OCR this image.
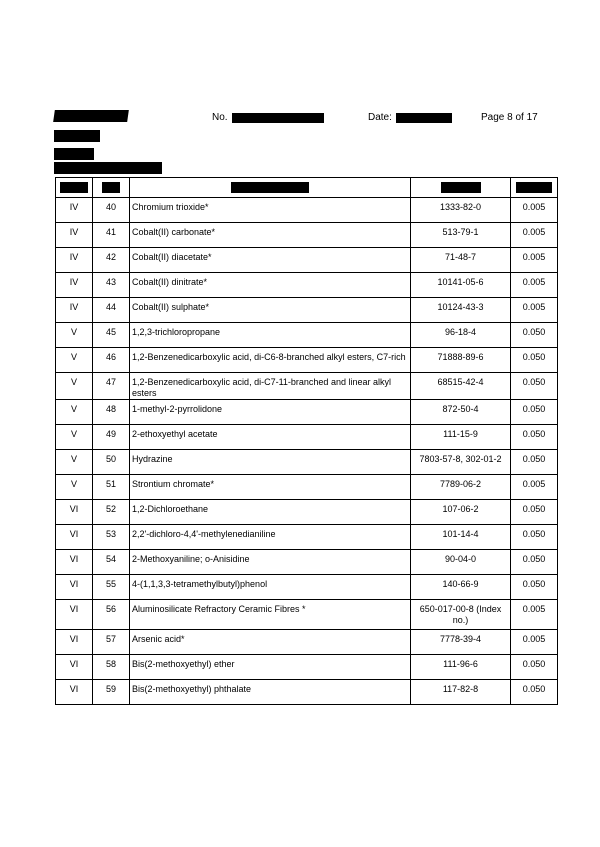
No.	Date:	Page 8 of 17

IV	40	Chromium trioxide*	1333-82-0	0.005
IV	41	Cobalt(II) carbonate*	513-79-1	0.005
IV	42	Cobalt(II) diacetate*	71-48-7	0.005
IV	43	Cobalt(II) dinitrate*	10141-05-6	0.005
IV	44	Cobalt(II) sulphate*	10124-43-3	0.005
V	45	1,2,3-trichloropropane	96-18-4	0.050
V	46	1,2-Benzenedicarboxylic acid, di-C6-8-branched alkyl esters, C7-rich	71888-89-6	0.050
V	47	1,2-Benzenedicarboxylic acid, di-C7-11-branched and linear alkyl esters	68515-42-4	0.050
V	48	1-methyl-2-pyrrolidone	872-50-4	0.050
V	49	2-ethoxyethyl acetate	111-15-9	0.050
V	50	Hydrazine	7803-57-8, 302-01-2	0.050
V	51	Strontium chromate*	7789-06-2	0.005
VI	52	1,2-Dichloroethane	107-06-2	0.050
VI	53	2,2'-dichloro-4,4'-methylenedianiline	101-14-4	0.050
VI	54	2-Methoxyaniline; o-Anisidine	90-04-0	0.050
VI	55	4-(1,1,3,3-tetramethylbutyl)phenol	140-66-9	0.050
VI	56	Aluminosilicate Refractory Ceramic Fibres *	650-017-00-8 (Index no.)	0.005
VI	57	Arsenic acid*	7778-39-4	0.005
VI	58	Bis(2-methoxyethyl) ether	111-96-6	0.050
VI	59	Bis(2-methoxyethyl) phthalate	117-82-8	0.050
